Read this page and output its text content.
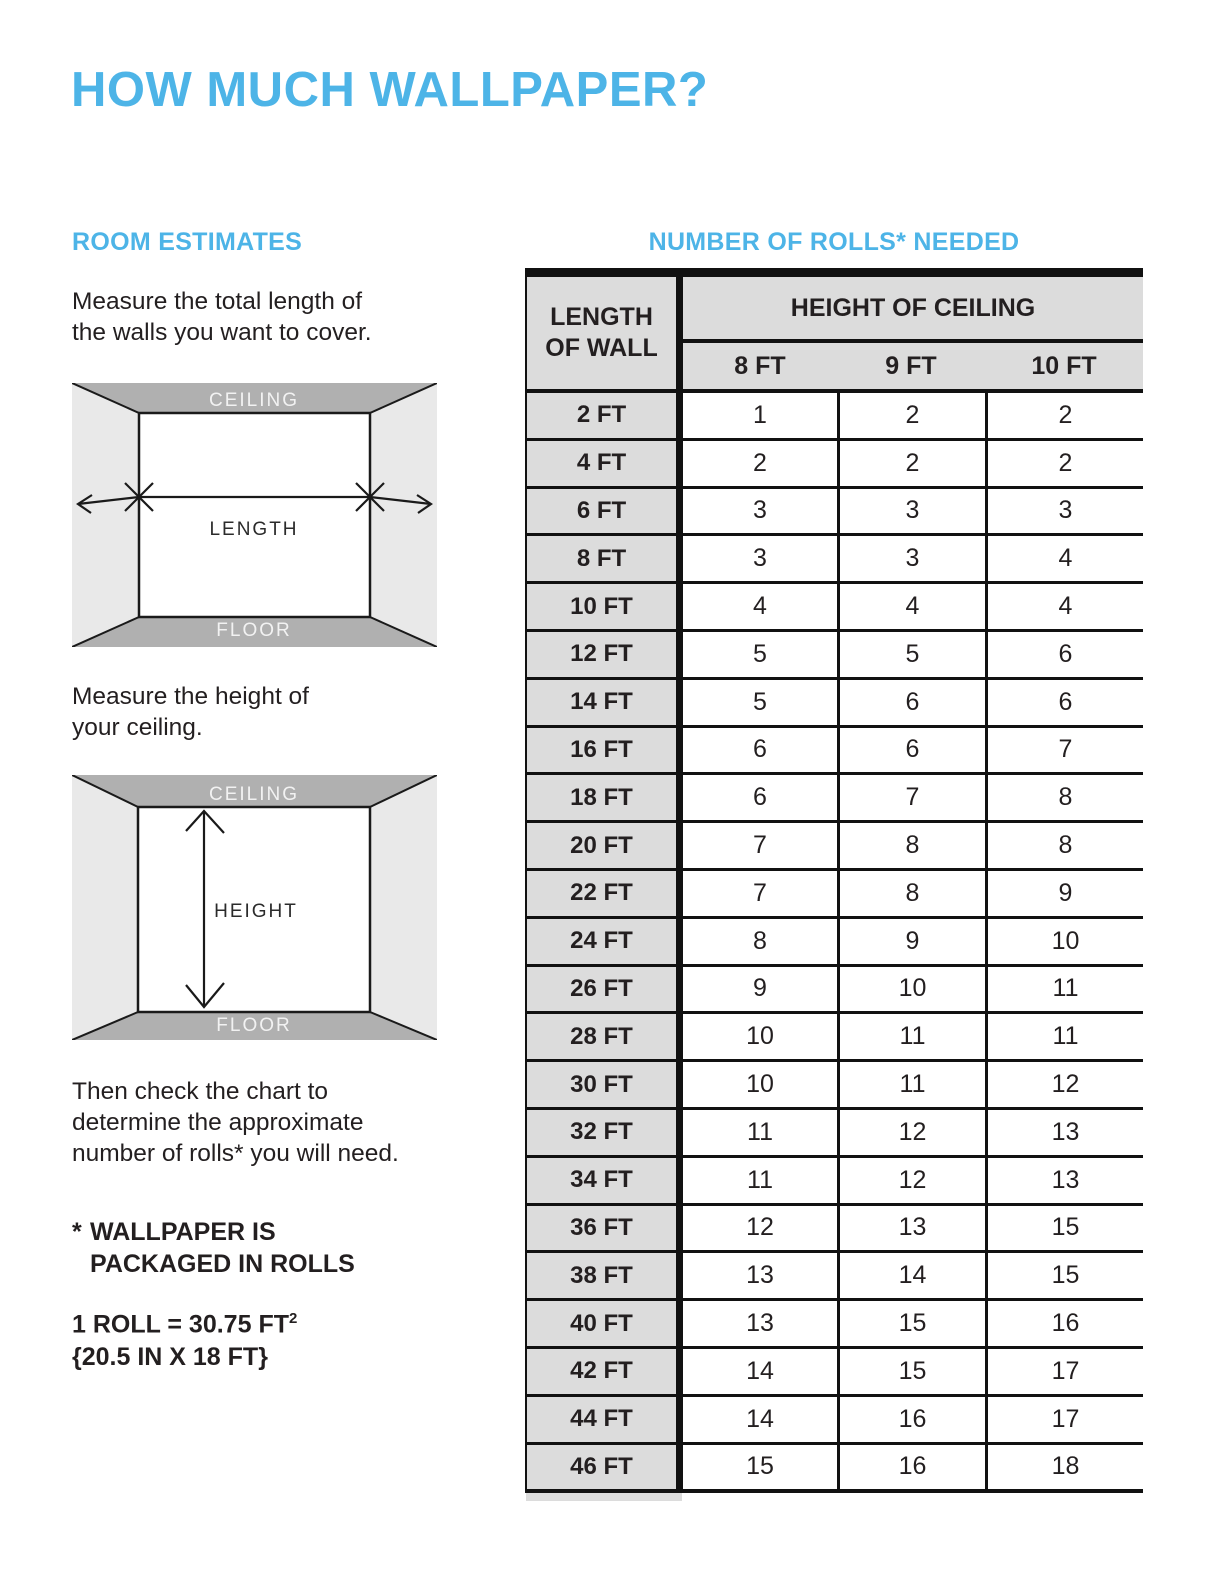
HOW MUCH WALLPAPER?
ROOM ESTIMATES
Measure the total length of
the walls you want to cover.
CEILING
FLOOR
LENGTH
Measure the height of
your ceiling.
CEILING
FLOOR
HEIGHT
Then check the chart to
determine the approximate
number of rolls* you will need.
* WALLPAPER IS
PACKAGED IN ROLLS
1 ROLL = 30.75 $FT^2$
{20.5 IN X 18 FT}
NUMBER OF ROLLS* NEEDED
LENGTH
OF WALL
HEIGHT OF CEILING
8 FT	9 FT	10 FT
2 FT	1	2	2
4 FT	2	2	2
6 FT	3	3	3
8 FT	3	3	4
10 FT	4	4	4
12 FT	5	5	6
14 FT	5	6	6
16 FT	6	6	7
18 FT	6	7	8
20 FT	7	8	8
22 FT	7	8	9
24 FT	8	9	10
26 FT	9	10	11
28 FT	10	11	11
30 FT	10	11	12
32 FT	11	12	13
34 FT	11	12	13
36 FT	12	13	15
38 FT	13	14	15
40 FT	13	15	16
42 FT	14	15	17
44 FT	14	16	17
46 FT	15	16	18
